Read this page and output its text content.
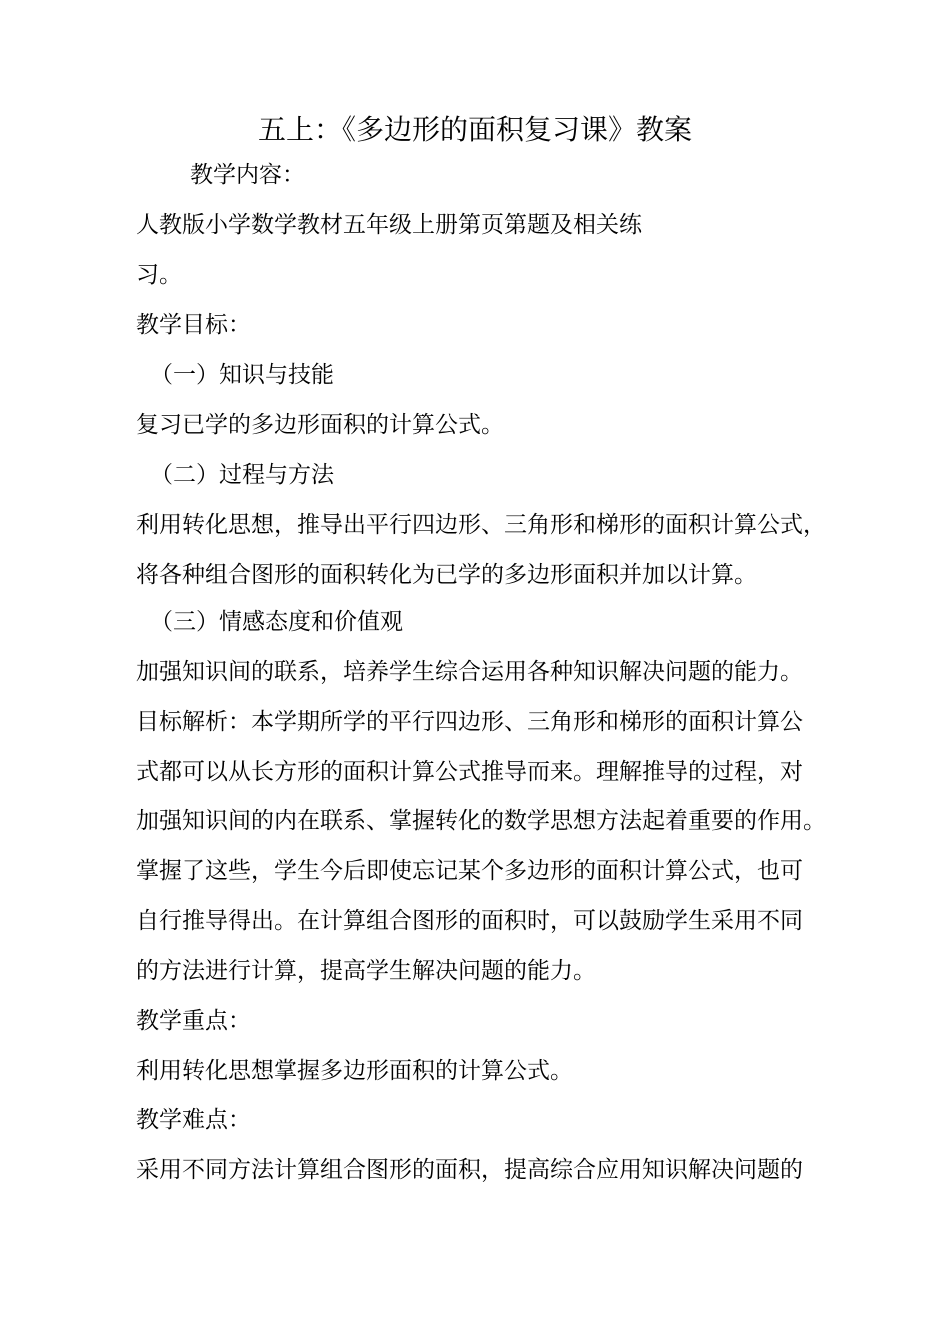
五上：《多边形的面积复习课》教案
教学内容：
人教版小学数学教材五年级上册第页第题及相关练
习。
教学目标：
（一）知识与技能
复习已学的多边形面积的计算公式。
（二）过程与方法
利用转化思想，推导出平行四边形、三角形和梯形的面积计算公式，
将各种组合图形的面积转化为已学的多边形面积并加以计算。
（三）情感态度和价值观
加强知识间的联系，培养学生综合运用各种知识解决问题的能力。
目标解析：本学期所学的平行四边形、三角形和梯形的面积计算公
式都可以从长方形的面积计算公式推导而来。理解推导的过程，对
加强知识间的内在联系、掌握转化的数学思想方法起着重要的作用。
掌握了这些，学生今后即使忘记某个多边形的面积计算公式，也可
自行推导得出。在计算组合图形的面积时，可以鼓励学生采用不同
的方法进行计算，提高学生解决问题的能力。
教学重点：
利用转化思想掌握多边形面积的计算公式。
教学难点：
采用不同方法计算组合图形的面积，提高综合应用知识解决问题的
